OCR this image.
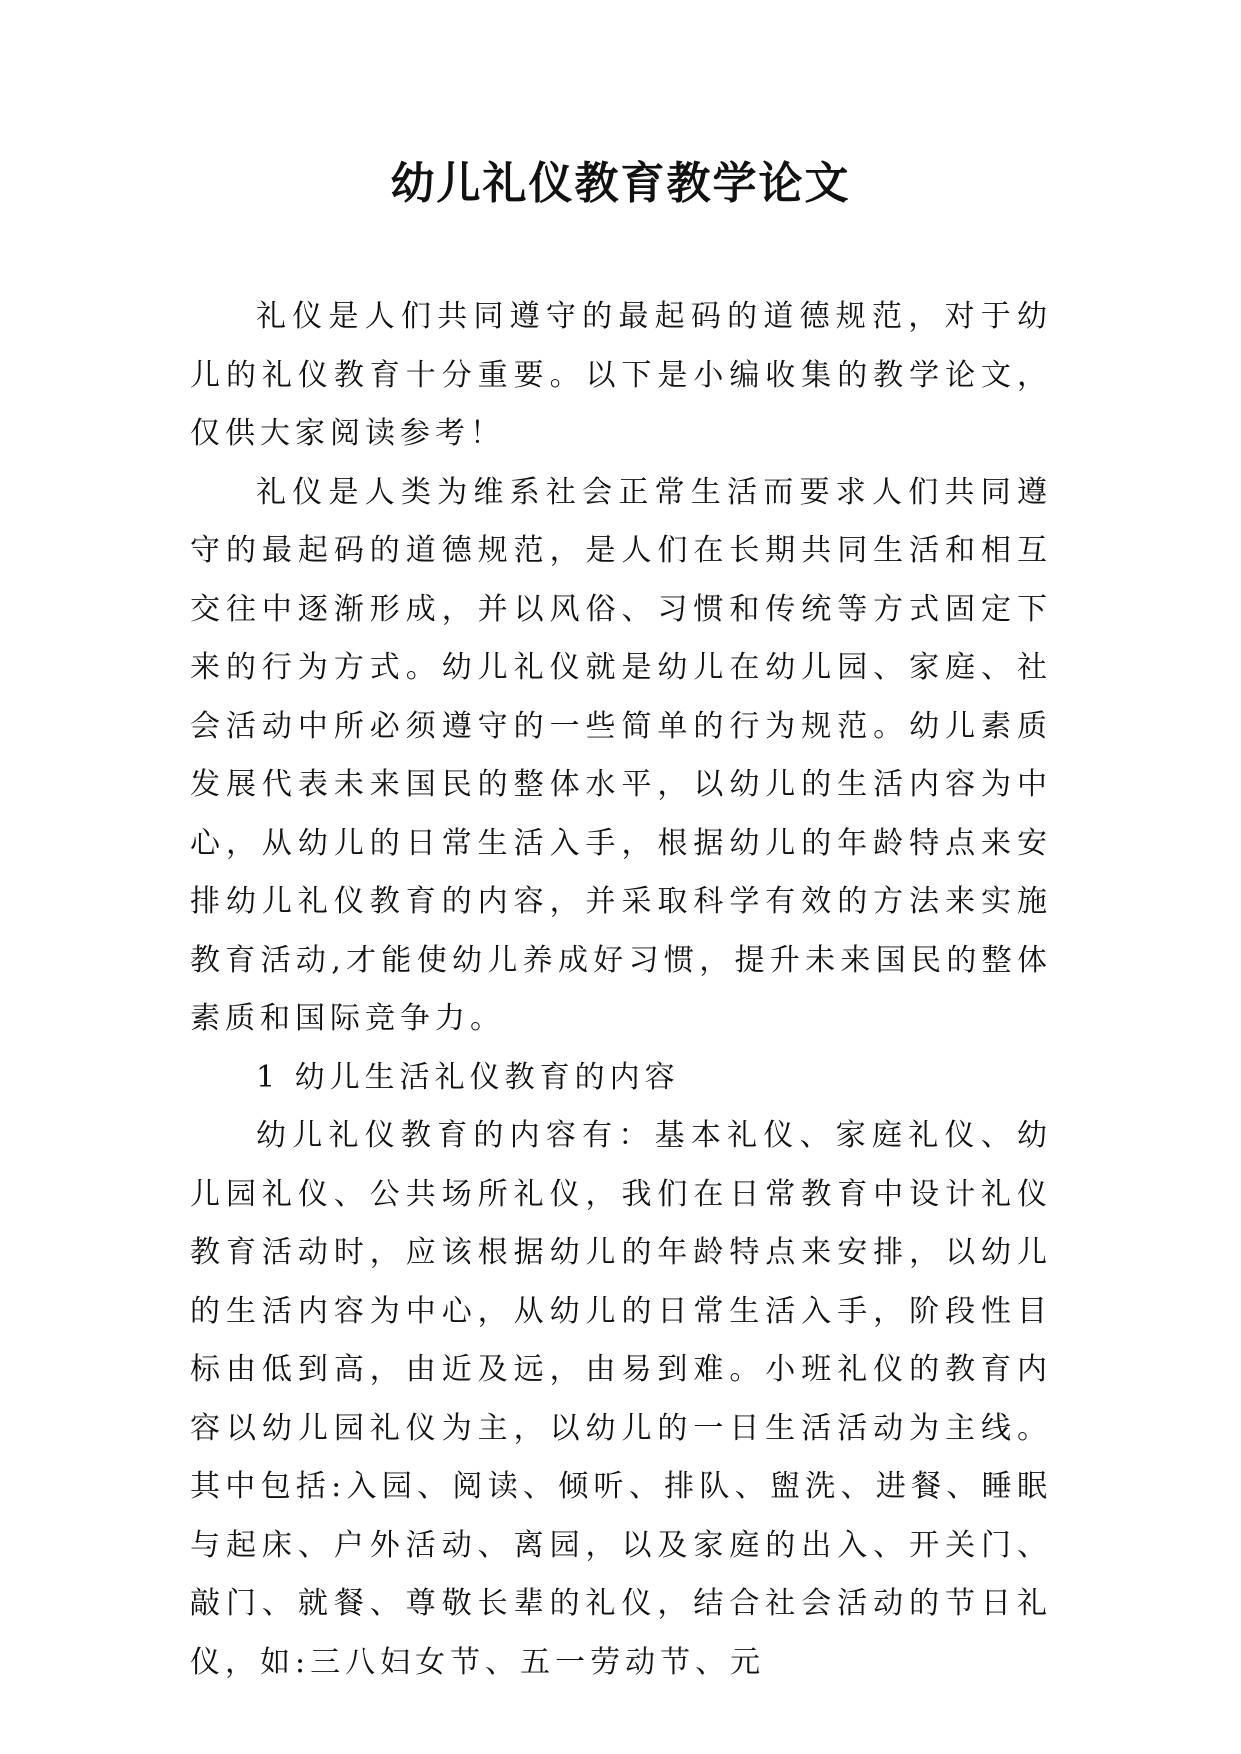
幼儿礼仪教育教学论文

礼仪是人们共同遵守的最起码的道德规范，对于幼儿的礼仪教育十分重要。以下是小编收集的教学论文，仅供大家阅读参考！

礼仪是人类为维系社会正常生活而要求人们共同遵守的最起码的道德规范，是人们在长期共同生活和相互交往中逐渐形成，并以风俗、习惯和传统等方式固定下来的行为方式。幼儿礼仪就是幼儿在幼儿园、家庭、社会活动中所必须遵守的一些简单的行为规范。幼儿素质发展代表未来国民的整体水平，以幼儿的生活内容为中心，从幼儿的日常生活入手，根据幼儿的年龄特点来安排幼儿礼仪教育的内容，并采取科学有效的方法来实施教育活动,才能使幼儿养成好习惯，提升未来国民的整体素质和国际竞争力。

1 幼儿生活礼仪教育的内容

幼儿礼仪教育的内容有：基本礼仪、家庭礼仪、幼儿园礼仪、公共场所礼仪，我们在日常教育中设计礼仪教育活动时，应该根据幼儿的年龄特点来安排，以幼儿的生活内容为中心，从幼儿的日常生活入手，阶段性目标由低到高，由近及远，由易到难。小班礼仪的教育内容以幼儿园礼仪为主，以幼儿的一日生活活动为主线。其中包括:入园、阅读、倾听、排队、盥洗、进餐、睡眠与起床、户外活动、离园，以及家庭的出入、开关门、敲门、就餐、尊敬长辈的礼仪，结合社会活动的节日礼仪，如:三八妇女节、五一劳动节、元
